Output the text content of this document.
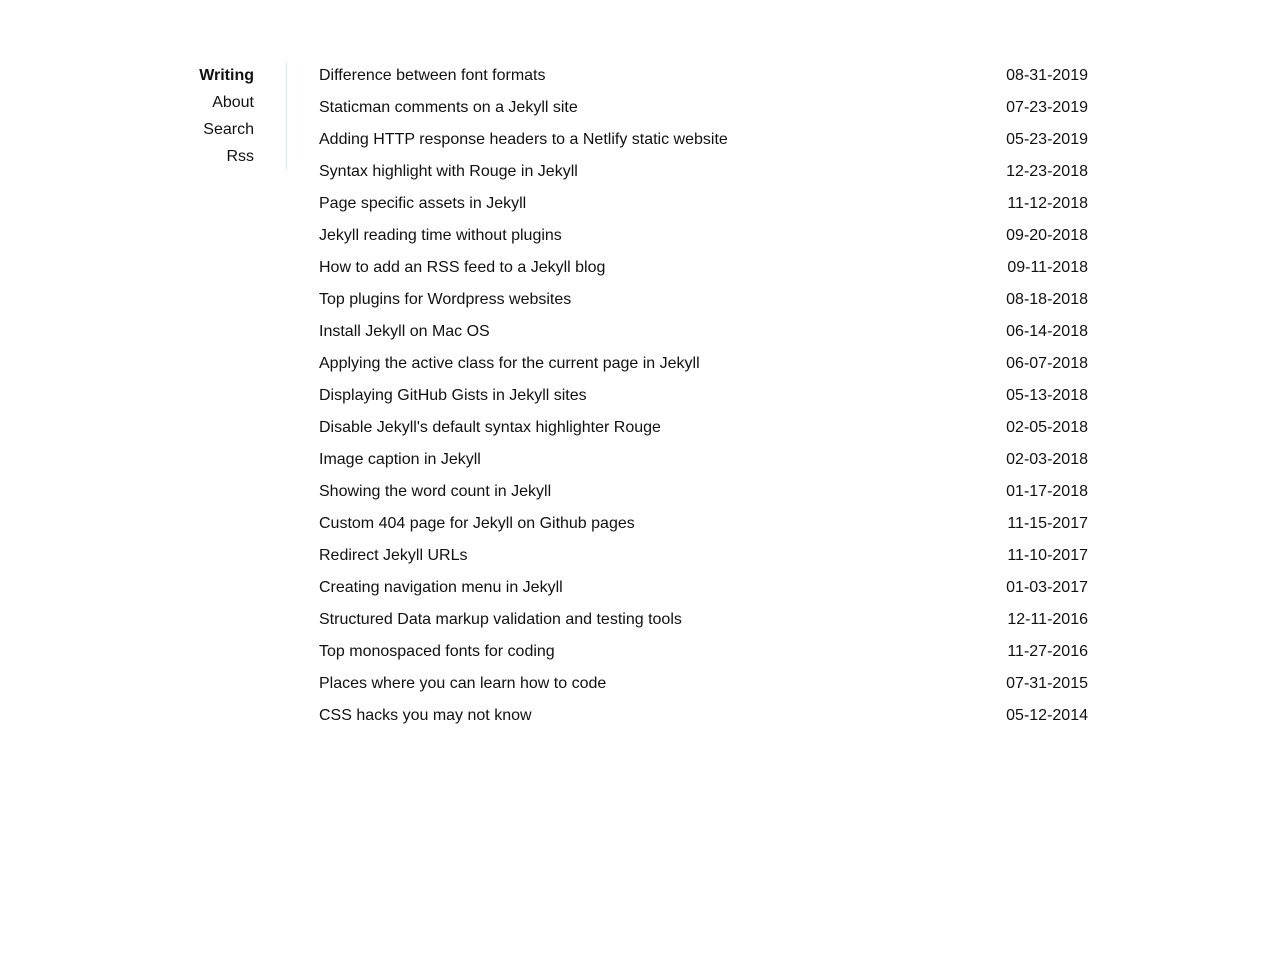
Writing
About
Search
Rss
Difference between font formats	08-31-2019
Staticman comments on a Jekyll site	07-23-2019
Adding HTTP response headers to a Netlify static website	05-23-2019
Syntax highlight with Rouge in Jekyll	12-23-2018
Page specific assets in Jekyll	11-12-2018
Jekyll reading time without plugins	09-20-2018
How to add an RSS feed to a Jekyll blog	09-11-2018
Top plugins for Wordpress websites	08-18-2018
Install Jekyll on Mac OS	06-14-2018
Applying the active class for the current page in Jekyll	06-07-2018
Displaying GitHub Gists in Jekyll sites	05-13-2018
Disable Jekyll's default syntax highlighter Rouge	02-05-2018
Image caption in Jekyll	02-03-2018
Showing the word count in Jekyll	01-17-2018
Custom 404 page for Jekyll on Github pages	11-15-2017
Redirect Jekyll URLs	11-10-2017
Creating navigation menu in Jekyll	01-03-2017
Structured Data markup validation and testing tools	12-11-2016
Top monospaced fonts for coding	11-27-2016
Places where you can learn how to code	07-31-2015
CSS hacks you may not know	05-12-2014
